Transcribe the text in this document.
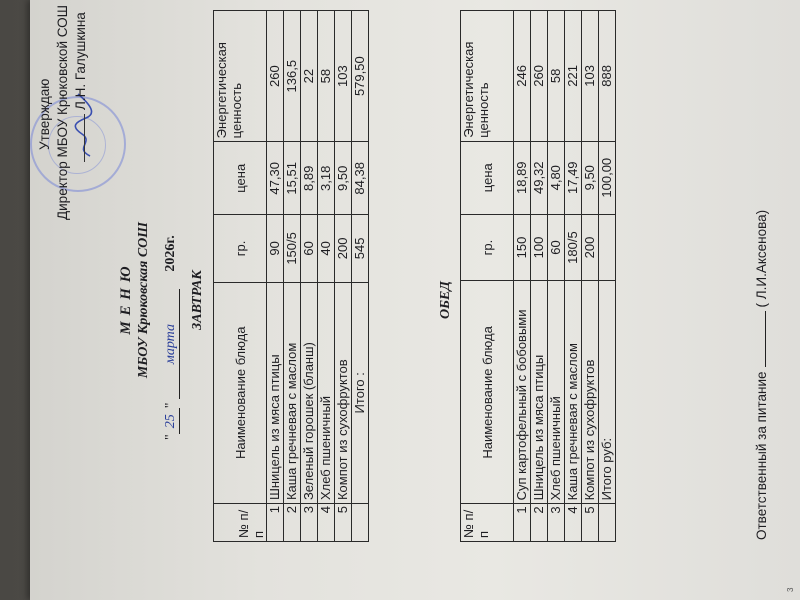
Утверждаю Директор МБОУ Крюковской СОШ Л.Н. Галушкина
М Е Н Ю МБОУ Крюковская СОШ
"25" марта 2026г.
ЗАВТРАК
№ п/п	Наименование блюда	гр.	цена	Энергетическая ценность
1	Шницель из мяса птицы	90	47,30	260
2	Каша гречневая с маслом	150/5	15,51	136,5
3	Зеленый горошек (бланш)	60	8,89	22
4	Хлеб пшеничный	40	3,18	58
5	Компот из сухофруктов	200	9,50	103
	Итого :	545	84,38	579,50
ОБЕД
№ п/п	Наименование блюда	гр.	цена	Энергетическая ценность
1	Суп картофельный с бобовыми	150	18,89	246
2	Шницель из мяса птицы	100	49,32	260
3	Хлеб пшеничный	60	4,80	58
4	Каша гречневая с маслом	180/5	17,49	221
5	Компот из сухофруктов	200	9,50	103
	Итого руб:		100,00	888
Ответственный за питание( Л.И.Аксенова)
3
